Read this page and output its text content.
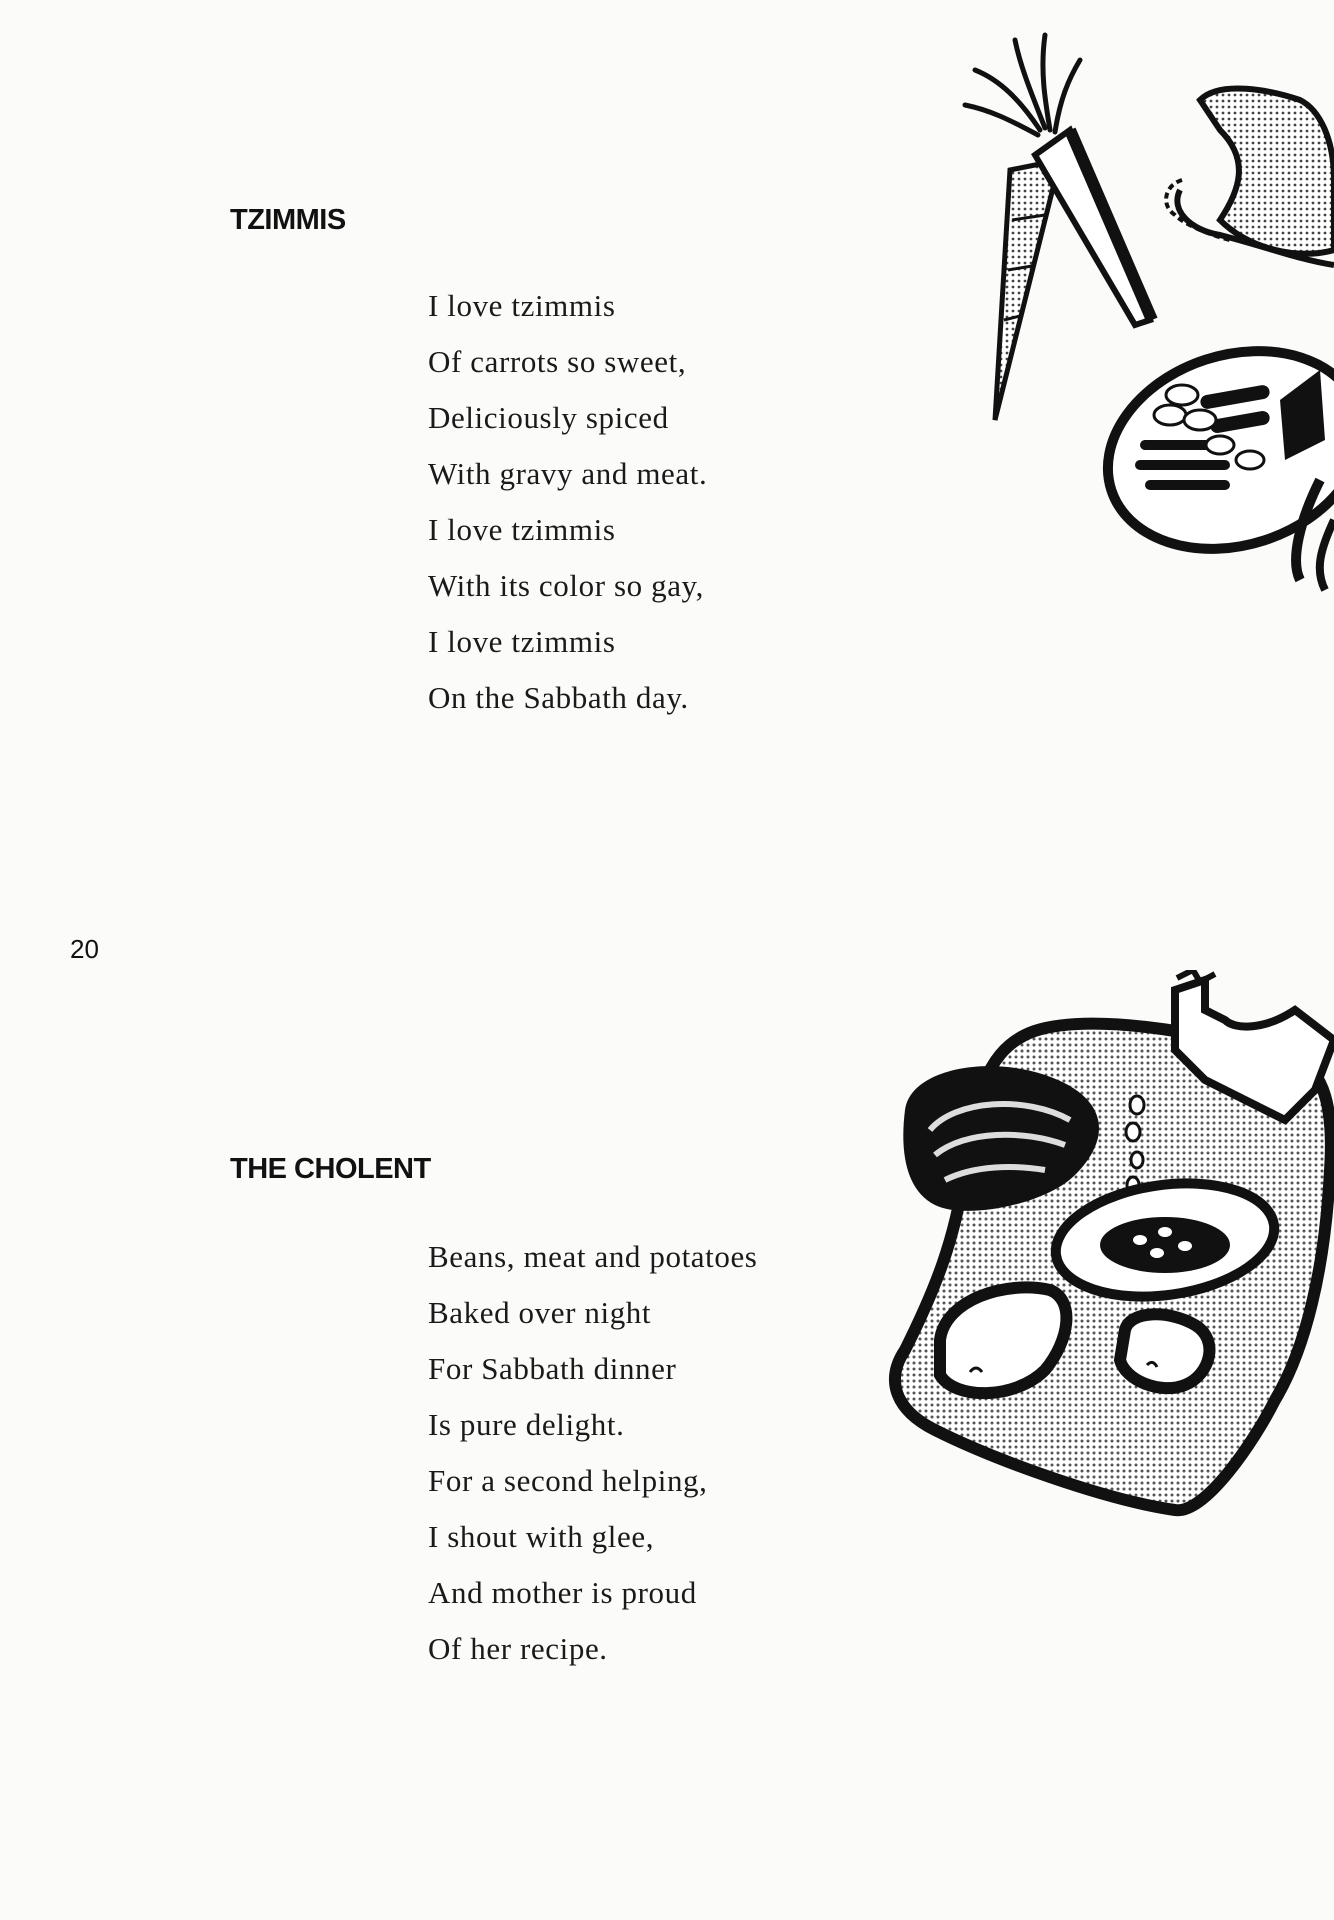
TZIMMIS
I love tzimmis
Of carrots so sweet,
Deliciously spiced
With gravy and meat.
I love tzimmis
With its color so gay,
I love tzimmis
On the Sabbath day.
20
THE CHOLENT
Beans, meat and potatoes
Baked over night
For Sabbath dinner
Is pure delight.
For a second helping,
I shout with glee,
And mother is proud
Of her recipe.
